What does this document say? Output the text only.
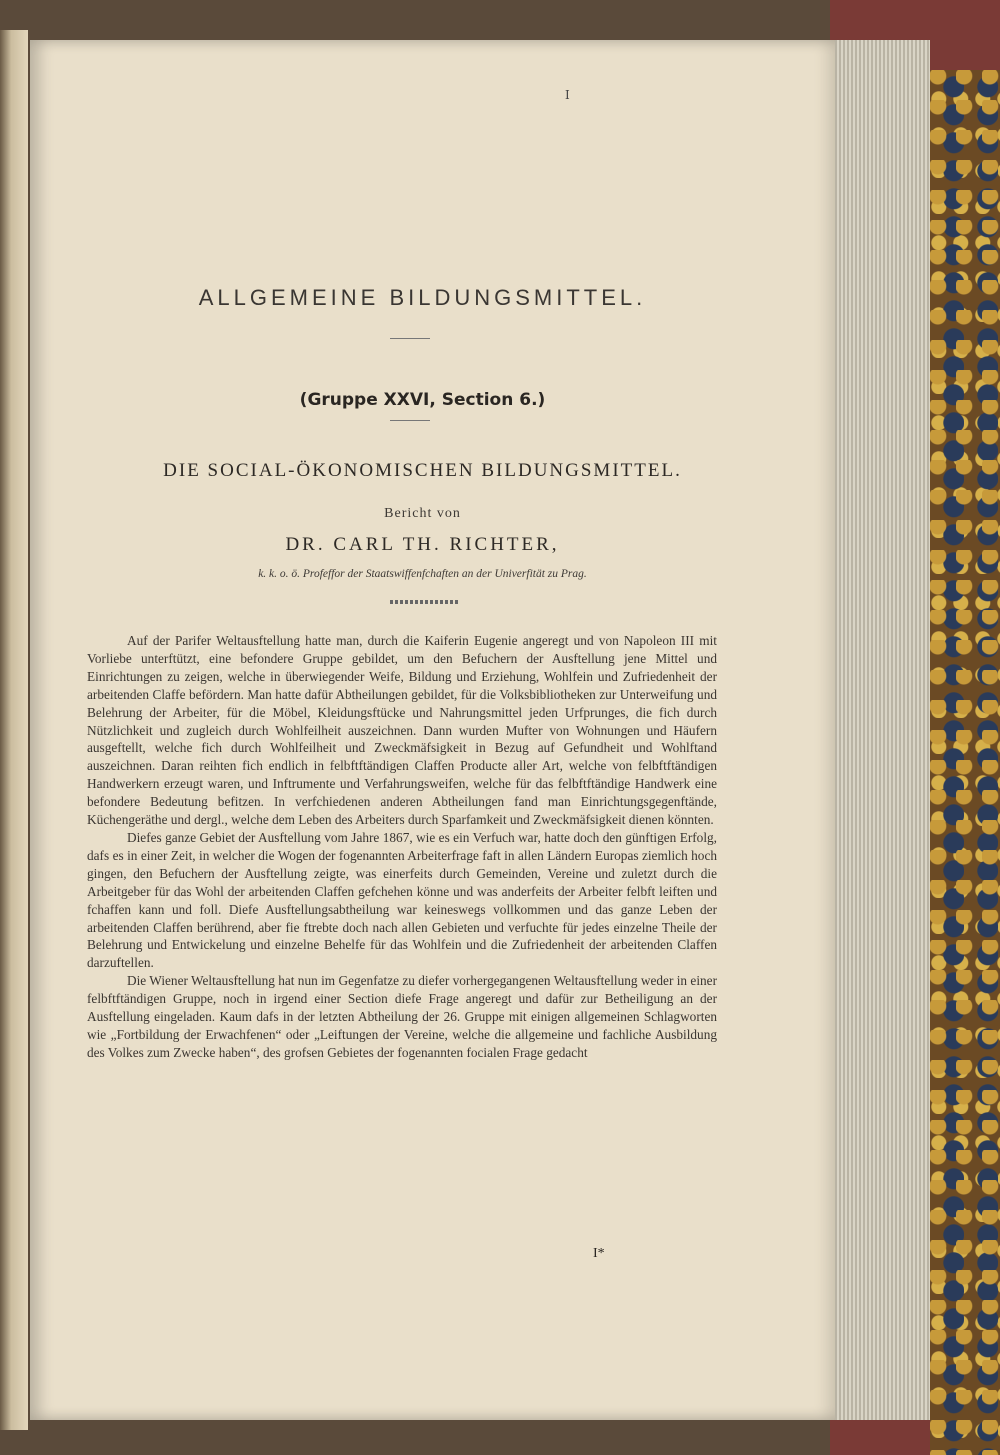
I
ALLGEMEINE BILDUNGSMITTEL.
(Gruppe XXVI, Section 6.)
DIE SOCIAL-ÖKONOMISCHEN BILDUNGSMITTEL.
Bericht von
DR. CARL TH. RICHTER,
k. k. o. ö. Profeffor der Staatswiffenfchaften an der Univerfität zu Prag.

Auf der Parifer Weltausftellung hatte man, durch die Kaiferin Eugenie angeregt und von Napoleon III mit Vorliebe unterftützt, eine befondere Gruppe gebildet, um den Befuchern der Ausftellung jene Mittel und Einrichtungen zu zeigen, welche in überwiegender Weife, Bildung und Erziehung, Wohlfein und Zufriedenheit der arbeitenden Claffe befördern. Man hatte dafür Abtheilungen gebildet, für die Volksbibliotheken zur Unterweifung und Belehrung der Arbeiter, für die Möbel, Kleidungsftücke und Nahrungsmittel jeden Urfprunges, die fich durch Nützlichkeit und zugleich durch Wohlfeilheit auszeichnen. Dann wurden Mufter von Wohnungen und Häufern ausgeftellt, welche fich durch Wohlfeilheit und Zweckmäfsigkeit in Bezug auf Gefundheit und Wohlftand auszeichnen. Daran reihten fich endlich in felbftftändigen Claffen Producte aller Art, welche von felbftftändigen Handwerkern erzeugt waren, und Inftrumente und Verfahrungsweifen, welche für das felbftftändige Handwerk eine befondere Bedeutung befitzen. In verfchiedenen anderen Abtheilungen fand man Einrichtungsgegenftände, Küchengeräthe und dergl., welche dem Leben des Arbeiters durch Sparfamkeit und Zweckmäfsigkeit dienen könnten.

Diefes ganze Gebiet der Ausftellung vom Jahre 1867, wie es ein Verfuch war, hatte doch den günftigen Erfolg, dafs es in einer Zeit, in welcher die Wogen der fogenannten Arbeiterfrage faft in allen Ländern Europas ziemlich hoch gingen, den Befuchern der Ausftellung zeigte, was einerfeits durch Gemeinden, Vereine und zuletzt durch die Arbeitgeber für das Wohl der arbeitenden Claffen gefchehen könne und was anderfeits der Arbeiter felbft leiften und fchaffen kann und foll. Diefe Ausftellungsabtheilung war keineswegs vollkommen und das ganze Leben der arbeitenden Claffen berührend, aber fie ftrebte doch nach allen Gebieten und verfuchte für jedes einzelne Theile der Belehrung und Entwickelung und einzelne Behelfe für das Wohlfein und die Zufriedenheit der arbeitenden Claffen darzuftellen.

Die Wiener Weltausftellung hat nun im Gegenfatze zu diefer vorhergegangenen Weltausftellung weder in einer felbftftändigen Gruppe, noch in irgend einer Section diefe Frage angeregt und dafür zur Betheiligung an der Ausftellung eingeladen. Kaum dafs in der letzten Abtheilung der 26. Gruppe mit einigen allgemeinen Schlagworten wie „Fortbildung der Erwachfenen“ oder „Leiftungen der Vereine, welche die allgemeine und fachliche Ausbildung des Volkes zum Zwecke haben“, des grofsen Gebietes der fogenannten focialen Frage gedacht

I*
